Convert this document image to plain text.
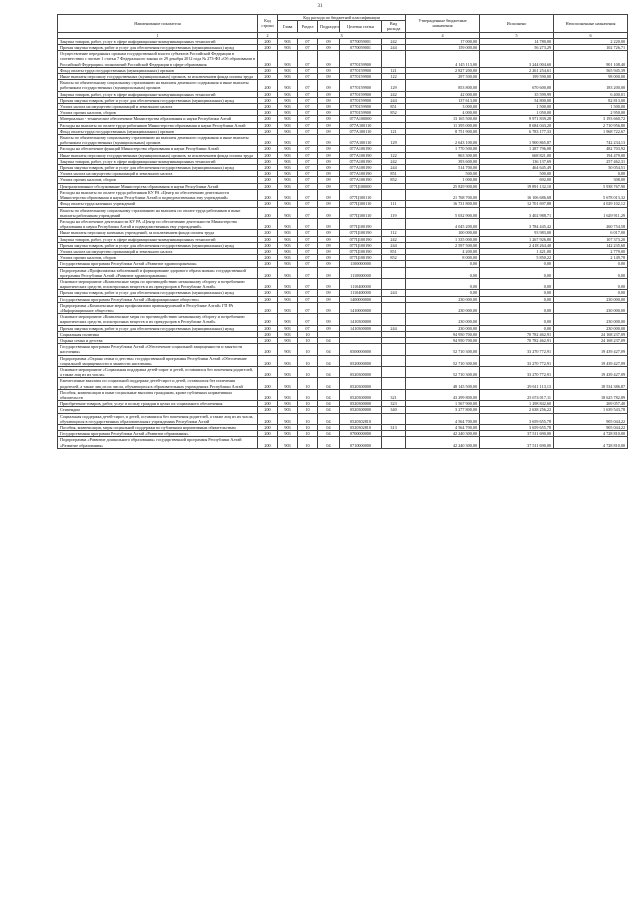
31
Наименование показателя	Код строки	Код расхода по бюджетной классификации					Утвержденные бюджетные назначения	Исполнено	Неисполненные назначения
		Глава	Раздел	Подраздел	Целевая статья	Вид расхода			
1	2	3					4	5	6
Закупка товаров, работ, услуг в сфере информационно-коммуникационных технологий	200	903	07	09	0770059001	242	17 000,00	14 780,00	2 220,00
Прочая закупка товаров, работ и услуг для обеспечения государственных (муниципальных) нужд	200	903	07	09	0770059001	244	159 000,00	56 273,29	102 726,71
Осуществление переданных органам государственной власти субъектов Российской Федерации в соответствии с частью 1 статьи 7 Федерального закона от 29 декабря 2012 года № 273-ФЗ «Об образовании в Российской Федерации» полномочий Российской Федерации в сфере образования	200	903	07	09	0770159900		4 145 113,00	3 244 004,60	901 108,40
Фонд оплаты труда государственных (муниципальных) органов	200	903	07	09	0770159900	121	2 827 200,00	2 261 254,61	565 945,39
Иные выплаты персоналу государственных (муниципальных) органов, за исключением фонда оплаты труда	200	903	07	09	0770159900	122	297 500,00	199 590,00	98 000,00
Взносы по обязательному социальному страхованию на выплаты денежного содержания и иные выплаты работникам государственных (муниципальных) органов	200	903	07	09	0770159900	129	853 800,00	670 600,00	183 200,00
Закупка товаров, работ, услуг в сфере информационно-коммуникационных технологий	200	903	07	09	0770159900	242	42 000,00	35 599,99	6 400,01
Прочая закупка товаров, работ и услуг для обеспечения государственных (муниципальных) нужд	200	903	07	09	0770159900	244	137 613,00	54 800,00	82 813,00
Уплата налога на имущество организаций и земельного налога	200	903	07	09	0770159900	851	3 000,00	1 500,00	1 500,00
Уплата прочих налогов, сборов	200	903	07	09	0770159900	852	4 000,00	1 050,00	2 950,00
Материально - техническое обеспечение Министерства образования и науки Республики Алтай	200	903	07	09	077A100000		13 165 500,00	9 971 839,28	3 193 660,72
Расходы на выплаты по оплате труда работников Министерства образования и науки Республики Алтай	200	903	07	09	077A100110		11 395 000,00	8 684 043,20	2 710 956,80
Фонд оплаты труда государственных (муниципальных) органов	200	903	07	09	077A100110	121	8 751 900,00	6 783 177,33	1 968 722,67
Взносы по обязательному социальному страхованию на выплаты денежного содержания и иные выплаты работникам государственных (муниципальных) органов	200	903	07	09	077A100110	129	2 643 100,00	1 900 865,87	742 234,13
Расходы на обеспечение функций Министерства образования и науки Республики Алтай	200	903	07	09	077A100190		1 770 500,00	1 287 796,08	482 703,92
Иные выплаты персоналу государственных (муниципальных) органов, за исключением фонда оплаты труда	200	903	07	09	077A100190	122	863 300,00	668 821,00	194 479,00
Закупка товаров, работ, услуг в сфере информационно-коммуникационных технологий	200	903	07	09	077A100190	242	393 600,00	136 137,69	257 462,31
Прочая закупка товаров, работ и услуг для обеспечения государственных (муниципальных) нужд	200	903	07	09	077A100190	244	514 700,00	464 645,49	50 054,51
Уплата налога на имущество организаций и земельного налога	200	903	07	09	077A100190	851	500,00	500,00	0,00
Уплата прочих налогов, сборов	200	903	07	09	077A100190	852	1 000,00	692,00	308,00
Централизованное обслуживание Министерства образования и науки Республики Алтай	200	903	07	09	077Ц100000		25 829 900,00	19 891 132,10	5 938 767,90
Расходы на выплаты по оплате труда работников КУ РА «Центр по обеспечению деятельности Министерства образования и науки Республики Алтай и подведомственных ему учреждений»	200	903	07	09	077Ц100110		21 768 700,00	16 106 686,68	5 678 013,32
Фонд оплаты труда казенных учреждений	200	903	07	09	077Ц100110	111	16 731 800,00	12 701 697,88	4 029 102,12
Взносы по обязательному социальному страхованию на выплаты по оплате труда работников и иные выплаты работникам учреждений	200	903	07	09	077Ц100110	119	5 032 900,00	3 402 988,71	1 629 911,29
Расходы на обеспечение деятельности КУ РА «Центр по обеспечению деятельности Министерства образования и науки Республики Алтай и подведомственных ему учреждений»	200	903	07	09	077Ц100190		4 045 200,00	3 784 445,42	260 754,58
Иные выплаты персоналу казенных учреждений, за исключением фонда оплаты труда	200	903	07	09	077Ц100190	112	100 000,00	93 983,00	6 017,00
Закупка товаров, работ, услуг в сфере информационно-коммуникационных технологий	200	903	07	09	077Ц100190	242	1 335 000,00	1 267 926,80	107 373,20
Прочая закупка товаров, работ и услуг для обеспечения государственных (муниципальных) нужд	200	903	07	09	077Ц100190	244	2 597 500,00	2 418 264,40	142 235,60
Уплата налога на имущество организаций и земельного налога	200	903	07	09	077Ц100190	851	4 200,00	1 421,00	2 779,00
Уплата прочих налогов, сборов	200	903	07	09	077Ц100190	852	8 000,00	5 850,22	2 149,78
Государственная программа Республики Алтай «Развитие здравоохранения»	200	903	07	09	1100000000		0,00	0,00	0,00
Подпрограмма «Профилактика заболеваний и формирование здорового образа жизни» государственной программы Республики Алтай «Развитие здравоохранения»	200	903	07	09	1110000000		0,00	0,00	0,00
Основное мероприятие «Комплексные меры по противодействию незаконному обороту и потреблению наркотических средств, психотропных веществ и их прекурсоров в Республике Алтай»	200	903	07	09	1110400000		0,00	0,00	0,00
Прочая закупка товаров, работ и услуг для обеспечения государственных (муниципальных) нужд	200	903	07	09	1110400000	244	0,00	0,00	0,00
Государственная программа Республики Алтай «Информационное общество»	200	903	07	09	1400000000		230 000,00	0,00	230 000,00
Подпрограмма «Комплексные меры профилактики правонарушений в Республике Алтай» ГП РА «Информационное общество»	200	903	07	09	1410000000		230 000,00	0,00	230 000,00
Основное мероприятие «Комплексные меры по противодействию незаконному обороту и потреблению наркотических средств, психотропных веществ и их прекурсоров в Республике Алтай»	200	903	07	09	1410300000		230 000,00	0,00	230 000,00
Прочая закупка товаров, работ и услуг для обеспечения государственных (муниципальных) нужд	200	903	07	09	1410300000	244	230 000,00	0,00	230 000,00
Социальная политика	200	903	10				94 950 700,00	70 782 462,91	24 168 237,09
Охрана семьи и детства	200	903	10	04			94 950 700,00	70 782 462,91	24 168 237,09
Государственная программа Республики Алтай «Обеспечение социальной защищенности и занятости населения»	200	903	10	04	0500000000		52 710 300,00	33 270 772,91	19 439 427,09
Подпрограмма «Охрана семьи и детства» государственной программы Республики Алтай «Обеспечение социальной защищенности и занятости населения»	200	903	10	04	0520000000		52 710 300,00	33 270 772,91	19 439 427,09
Основное мероприятие «Социальная поддержка детей-сирот и детей, оставшихся без попечения родителей, а также лиц из их числа»	200	903	10	04	0520300000		52 710 300,00	33 270 772,91	19 439 427,09
Ежемесячные выплаты по социальной поддержке детей-сирот и детей, оставшихся без попечения родителей, а также лиц из их числа, обучающихся в образовательных учреждениях Республики Алтай	200	903	10	04	0520300000		48 145 500,00	29 611 113,13	18 534 386,87
Пособия, компенсации и иные социальные выплаты гражданам, кроме публичных нормативных обязательств	200	903	10	04	0520300000	321	43 299 800,00	25 674 017,11	18 625 782,89
Приобретение товаров, работ, услуг в пользу граждан в целях их социального обеспечения	200	903	10	04	0520300000	323	1 567 900,00	1 298 842,60	269 057,40
Стипендии	200	903	10	04	0520300000	340	3 277 800,00	2 638 256,22	1 639 543,78
Социальная поддержка детей-сирот, и детей, оставшихся без попечения родителей, а также лиц из их числа, обучающихся в государственных образовательных учреждениях Республики Алтай	200	903	10	04	0520302810		4 564 700,00	3 659 655,78	905 044,22
Пособия, компенсации, меры социальной поддержки по публичным нормативным обязательствам	200	903	10	04	0520302810	313	4 564 700,00	3 659 655,78	905 044,22
Государственная программа Республики Алтай «Развитие образования»	200	903	10	04	0700000000		42 240 300,00	37 511 690,00	4 728 810,00
Подпрограмма «Развитие дошкольного образования» государственной программы Республики Алтай «Развитие образования»	200	903	10	04	0710000000		42 240 300,00	37 511 690,00	4 728 810,00
